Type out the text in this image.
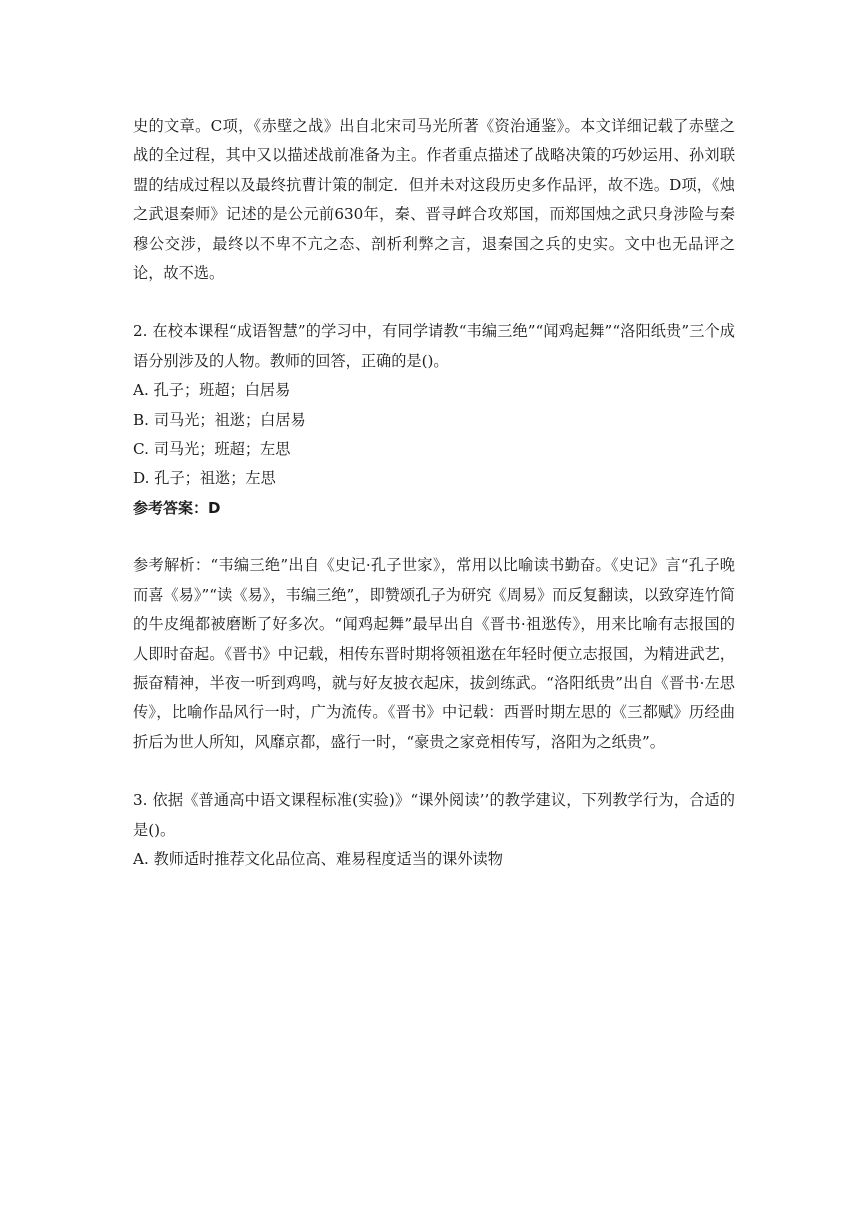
史的文章。C项，《赤壁之战》出自北宋司马光所著《资治通鉴》。本文详细记载了赤壁之战的全过程，其中又以描述战前准备为主。作者重点描述了战略决策的巧妙运用、孙刘联盟的结成过程以及最终抗曹计策的制定．但并未对这段历史多作品评，故不选。D项，《烛之武退秦师》记述的是公元前630年，秦、晋寻衅合攻郑国，而郑国烛之武只身涉险与秦穆公交涉，最终以不卑不亢之态、剖析利弊之言，退秦国之兵的史实。文中也无品评之论，故不选。

2. 在校本课程“成语智慧”的学习中，有同学请教“韦编三绝”“闻鸡起舞”“洛阳纸贵”三个成语分别涉及的人物。教师的回答，正确的是()。

A. 孔子；班超；白居易

B. 司马光；祖逖；白居易

C. 司马光；班超；左思

D. 孔子；祖逖；左思

参考答案：D

参考解析：“韦编三绝”出自《史记·孔子世家》，常用以比喻读书勤奋。《史记》言“孔子晚而喜《易》”“读《易》，韦编三绝”，即赞颂孔子为研究《周易》而反复翻读，以致穿连竹简的牛皮绳都被磨断了好多次。“闻鸡起舞”最早出自《晋书·祖逖传》，用来比喻有志报国的人即时奋起。《晋书》中记载，相传东晋时期将领祖逖在年轻时便立志报国，为精进武艺，振奋精神，半夜一听到鸡鸣，就与好友披衣起床，拔剑练武。“洛阳纸贵”出自《晋书·左思传》，比喻作品风行一时，广为流传。《晋书》中记载：西晋时期左思的《三都赋》历经曲折后为世人所知，风靡京都，盛行一时，“豪贵之家竞相传写，洛阳为之纸贵”。

3. 依据《普通高中语文课程标准(实验)》“课外阅读’’的教学建议，下列教学行为，合适的是()。

A. 教师适时推荐文化品位高、难易程度适当的课外读物
